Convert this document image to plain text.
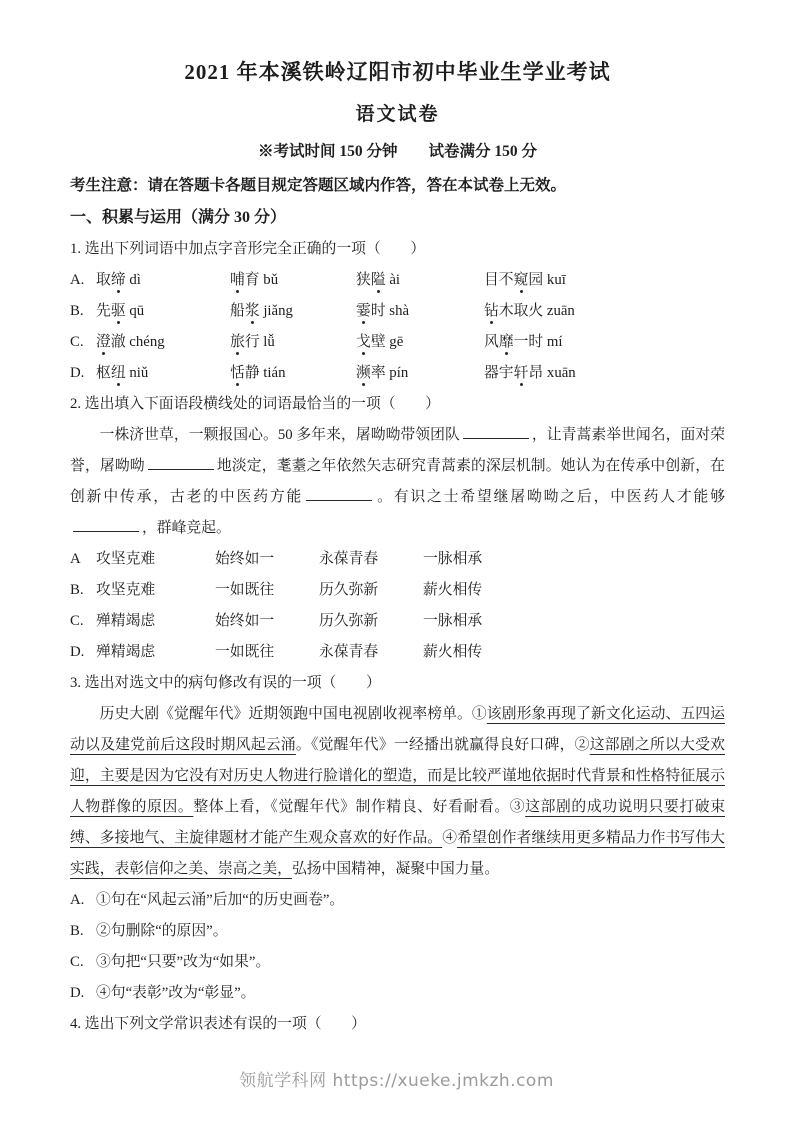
2021 年本溪铁岭辽阳市初中毕业生学业考试
语文试卷
※考试时间 150 分钟　　试卷满分 150 分
考生注意：请在答题卡各题目规定答题区域内作答，答在本试卷上无效。
一、积累与运用（满分 30 分）
1. 选出下列词语中加点字音形完全正确的一项（　　）
A. 取缔 dì	哺育 bǔ	狭隘 ài	目不窥园 kuī
B. 先驱 qū	船浆 jiǎng	霎时 shà	钻木取火 zuān
C. 澄澈 chéng	旅行 lǚ	戈壁 gē	风靡一时 mí
D. 枢纽 niǔ	恬静 tián	濒率 pín	器宇轩昂 xuān
2. 选出填入下面语段横线处的词语最恰当的一项（　　）
一株济世草，一颗报国心。50 多年来，屠呦呦带领团队	，让青蒿素举世闻名，面对荣誉，屠呦呦	地淡定，耄耋之年依然矢志研究青蒿素的深层机制。她认为在传承中创新，在创新中传承，古老的中医药方能	。有识之士希望继屠呦呦之后，中医药人才能够 ，群峰竞起。
A	攻坚克难	始终如一	永葆青春	一脉相承
B. 攻坚克难	一如既往	历久弥新	薪火相传
C. 殚精竭虑	始终如一	历久弥新	一脉相承
D. 殚精竭虑	一如既往	永葆青春	薪火相传
3. 选出对选文中的病句修改有误的一项（　　）
历史大剧《觉醒年代》近期领跑中国电视剧收视率榜单。①该剧形象再现了新文化运动、五四运动以及建党前后这段时期风起云涌。《觉醒年代》一经播出就赢得良好口碑，②这部剧之所以大受欢迎，主要是因为它没有对历史人物进行脸谱化的塑造，而是比较严谨地依据时代背景和性格特征展示人物群像的原因。整体上看，《觉醒年代》制作精良、好看耐看。③这部剧的成功说明只要打破束缚、多接地气、主旋律题材才能产生观众喜欢的好作品。④希望创作者继续用更多精品力作书写伟大实践，表彰信仰之美、崇高之美，弘扬中国精神，凝聚中国力量。
A. ①句在“风起云涌”后加“的历史画卷”。
B. ②句删除“的原因”。
C. ③句把“只要”改为“如果”。
D. ④句“表彰”改为“彰显”。
4. 选出下列文学常识表述有误的一项（　　）
领航学科网 https://xueke.jmkzh.com
